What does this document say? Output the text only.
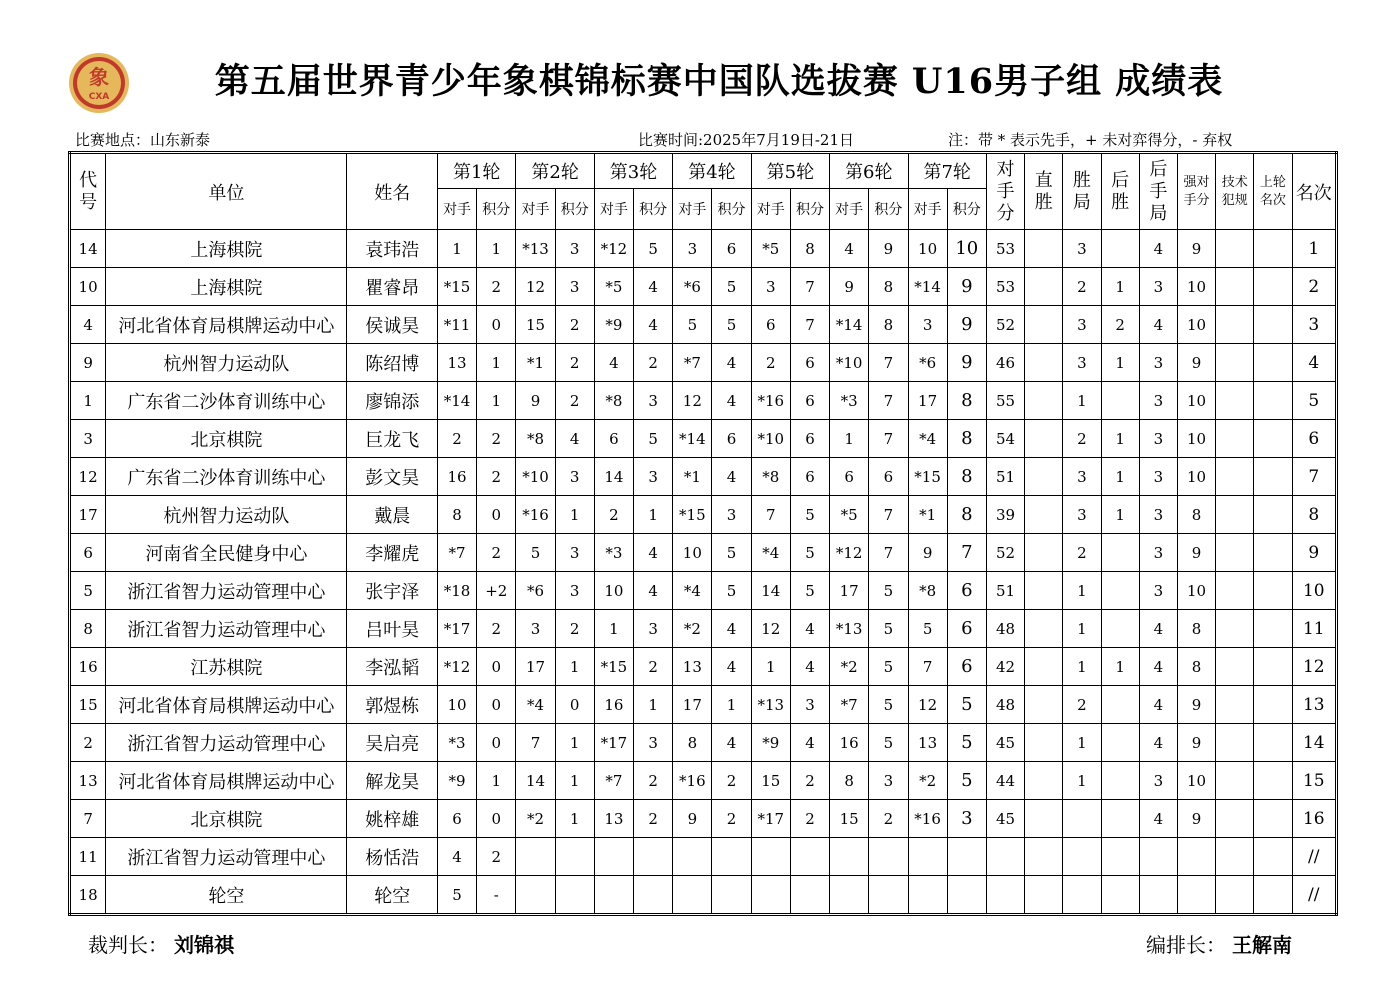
象
CXA	第五届世界青少年象棋锦标赛中国队选拔赛 U16男子组 成绩表
比赛地点：山东新泰	比赛时间:2025年7月19日-21日	注：带 * 表示先手，+ 未对弈得分，- 弃权
代号	单位	姓名	第1轮		第2轮		第3轮		第4轮		第5轮		第6轮		第7轮		对手分	直胜	胜局	后胜	后手局	强对手分	技术犯规	上轮名次	名次
			对手	积分	对手	积分	对手	积分	对手	积分	对手	积分	对手	积分	对手	积分									
14	上海棋院	袁玮浩	1	1	*13	3	*12	5	3	6	*5	8	4	9	10	10	53		3		4	9			1
10	上海棋院	瞿睿昂	*15	2	12	3	*5	4	*6	5	3	7	9	8	*14	9	53		2	1	3	10			2
4	河北省体育局棋牌运动中心	侯诚昊	*11	0	15	2	*9	4	5	5	6	7	*14	8	3	9	52		3	2	4	10			3
9	杭州智力运动队	陈绍博	13	1	*1	2	4	2	*7	4	2	6	*10	7	*6	9	46		3	1	3	9			4
1	广东省二沙体育训练中心	廖锦添	*14	1	9	2	*8	3	12	4	*16	6	*3	7	17	8	55		1		3	10			5
3	北京棋院	巨龙飞	2	2	*8	4	6	5	*14	6	*10	6	1	7	*4	8	54		2	1	3	10			6
12	广东省二沙体育训练中心	彭文昊	16	2	*10	3	14	3	*1	4	*8	6	6	6	*15	8	51		3	1	3	10			7
17	杭州智力运动队	戴晨	8	0	*16	1	2	1	*15	3	7	5	*5	7	*1	8	39		3	1	3	8			8
6	河南省全民健身中心	李耀虎	*7	2	5	3	*3	4	10	5	*4	5	*12	7	9	7	52		2		3	9			9
5	浙江省智力运动管理中心	张宇泽	*18	+2	*6	3	10	4	*4	5	14	5	17	5	*8	6	51		1		3	10			10
8	浙江省智力运动管理中心	吕叶昊	*17	2	3	2	1	3	*2	4	12	4	*13	5	5	6	48		1		4	8			11
16	江苏棋院	李泓韬	*12	0	17	1	*15	2	13	4	1	4	*2	5	7	6	42		1	1	4	8			12
15	河北省体育局棋牌运动中心	郭煜栋	10	0	*4	0	16	1	17	1	*13	3	*7	5	12	5	48		2		4	9			13
2	浙江省智力运动管理中心	吴启亮	*3	0	7	1	*17	3	8	4	*9	4	16	5	13	5	45		1		4	9			14
13	河北省体育局棋牌运动中心	解龙昊	*9	1	14	1	*7	2	*16	2	15	2	8	3	*2	5	44		1		3	10			15
7	北京棋院	姚梓雄	6	0	*2	1	13	2	9	2	*17	2	15	2	*16	3	45				4	9			16
11	浙江省智力运动管理中心	杨恬浩	4	2																					//
18	轮空	轮空	5	-																					//
裁判长： 刘锦祺	编排长： 王解南
